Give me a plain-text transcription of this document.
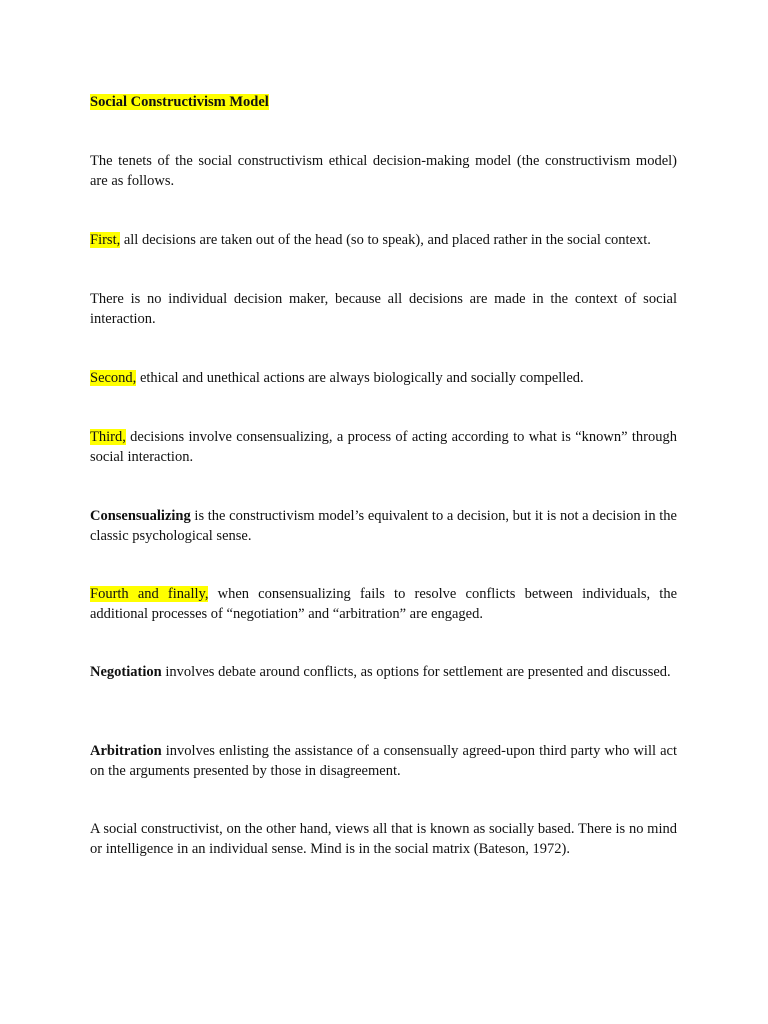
Social Constructivism Model

The tenets of the social constructivism ethical decision-making model (the constructivism model) are as follows.

First, all decisions are taken out of the head (so to speak), and placed rather in the social context.

There is no individual decision maker, because all decisions are made in the context of social interaction.

Second, ethical and unethical actions are always biologically and socially compelled.

Third, decisions involve consensualizing, a process of acting according to what is “known” through social interaction.

Consensualizing is the constructivism model’s equivalent to a decision, but it is not a decision in the classic psychological sense.

Fourth and finally, when consensualizing fails to resolve conflicts between individuals, the additional processes of “negotiation” and “arbitration” are engaged.

Negotiation involves debate around conflicts, as options for settlement are presented and discussed.

Arbitration involves enlisting the assistance of a consensually agreed-upon third party who will act on the arguments presented by those in disagreement.

A social constructivist, on the other hand, views all that is known as socially based. There is no mind or intelligence in an individual sense. Mind is in the social matrix (Bateson, 1972).
